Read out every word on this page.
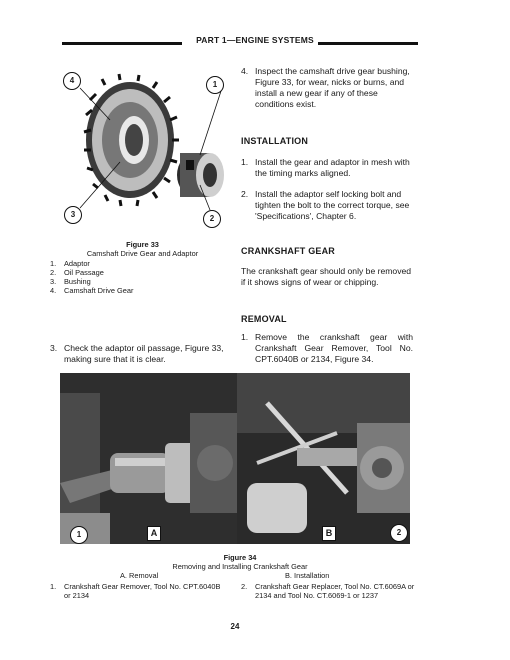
PART 1—ENGINE SYSTEMS
4	1
3	2
Figure 33
Camshaft Drive Gear and Adaptor
1.	Adaptor
2.	Oil Passage
3.	Bushing
4.	Camshaft Drive Gear
3. Check the adaptor oil passage, Figure 33, making sure that it is clear.
4. Inspect the camshaft drive gear bushing, Figure 33, for wear, nicks or burns, and install a new gear if any of these conditions exist.
INSTALLATION
1. Install the gear and adaptor in mesh with the timing marks aligned.
2. Install the adaptor self locking bolt and tighten the bolt to the correct torque, see 'Specifications', Chapter 6.
CRANKSHAFT GEAR
The crankshaft gear should only be removed if it shows signs of wear or chipping.
REMOVAL
1. Remove the crankshaft gear with Crankshaft Gear Remover, Tool No. CPT.6040B or 2134, Figure 34.
1	A	B	2
Figure 34
Removing and Installing Crankshaft Gear
A. Removal	B. Installation
1.	Crankshaft Gear Remover, Tool No. CPT.6040B or 2134
2.	Crankshaft Gear Replacer, Tool No. CT.6069A or 2134 and Tool No. CT.6069-1 or 1237
24
